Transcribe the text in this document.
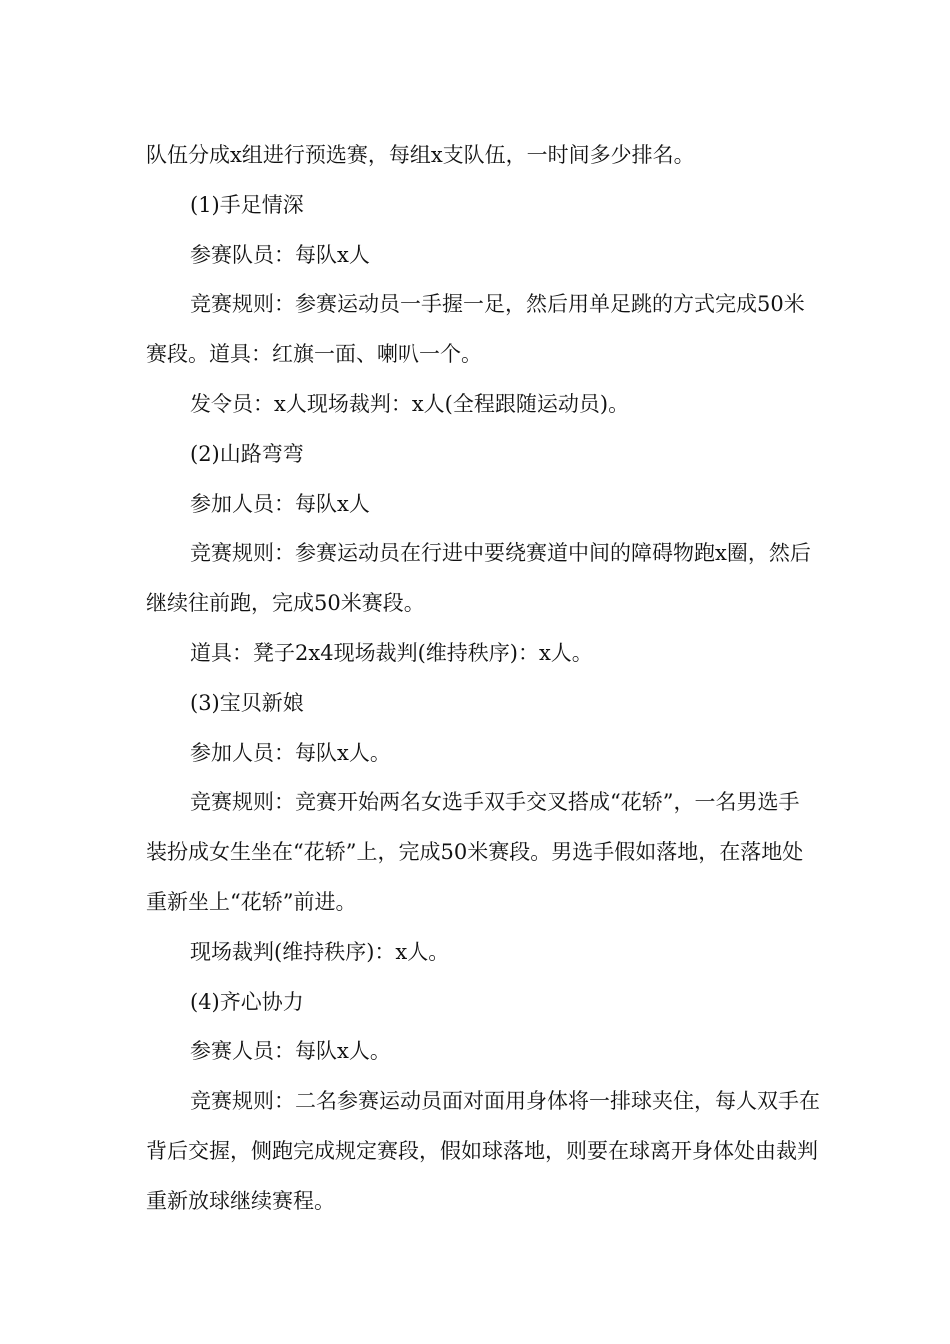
队伍分成x组进行预选赛，每组x支队伍，一时间多少排名。

(1)手足情深

参赛队员：每队x人

竞赛规则：参赛运动员一手握一足，然后用单足跳的方式完成50米赛段。道具：红旗一面、喇叭一个。

发令员：x人现场裁判：x人(全程跟随运动员)。

(2)山路弯弯

参加人员：每队x人

竞赛规则：参赛运动员在行进中要绕赛道中间的障碍物跑x圈，然后继续往前跑，完成50米赛段。

道具：凳子2x4现场裁判(维持秩序)：x人。

(3)宝贝新娘

参加人员：每队x人。

竞赛规则：竞赛开始两名女选手双手交叉搭成“花轿”，一名男选手装扮成女生坐在“花轿”上，完成50米赛段。男选手假如落地，在落地处重新坐上“花轿”前进。

现场裁判(维持秩序)：x人。

(4)齐心协力

参赛人员：每队x人。

竞赛规则：二名参赛运动员面对面用身体将一排球夹住，每人双手在背后交握，侧跑完成规定赛段，假如球落地，则要在球离开身体处由裁判重新放球继续赛程。
